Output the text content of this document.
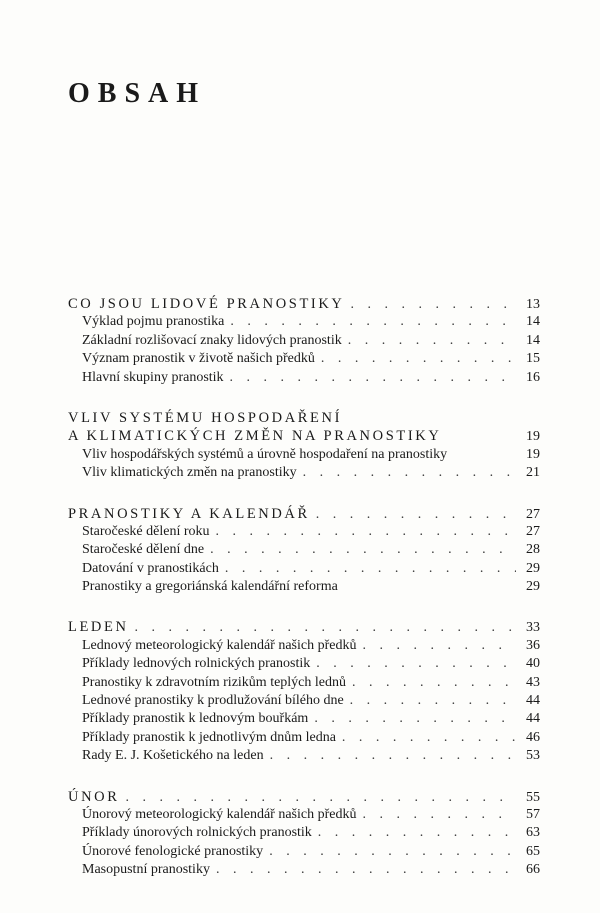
OBSAH
CO JSOU LIDOVÉ PRANOSTIKY . . .	13
Výklad pojmu pranostika . . .	14
Základní rozlišovací znaky lidových pranostik . . .	14
Význam pranostik v životě našich předků . . .	15
Hlavní skupiny pranostik . . .	16
VLIV SYSTÉMU HOSPODAŘENÍ
A KLIMATICKÝCH ZMĚN NA PRANOSTIKY	19
Vliv hospodářských systémů a úrovně hospodaření na pranostiky	19
Vliv klimatických změn na pranostiky . . .	21
PRANOSTIKY A KALENDÁŘ . . .	27
Staročeské dělení roku . . .	27
Staročeské dělení dne . . .	28
Datování v pranostikách . . .	29
Pranostiky a gregoriánská kalendářní reforma	29
LEDEN . . .	33
Lednový meteorologický kalendář našich předků . . .	36
Příklady lednových rolnických pranostik . . .	40
Pranostiky k zdravotním rizikům teplých lednů . . .	43
Lednové pranostiky k prodlužování bílého dne . . .	44
Příklady pranostik k lednovým bouřkám . . .	44
Příklady pranostik k jednotlivým dnům ledna . . .	46
Rady E. J. Košetického na leden . . .	53
ÚNOR . . .	55
Únorový meteorologický kalendář našich předků . . .	57
Příklady únorových rolnických pranostik . . .	63
Únorové fenologické pranostiky . . .	65
Masopustní pranostiky . . .	66
